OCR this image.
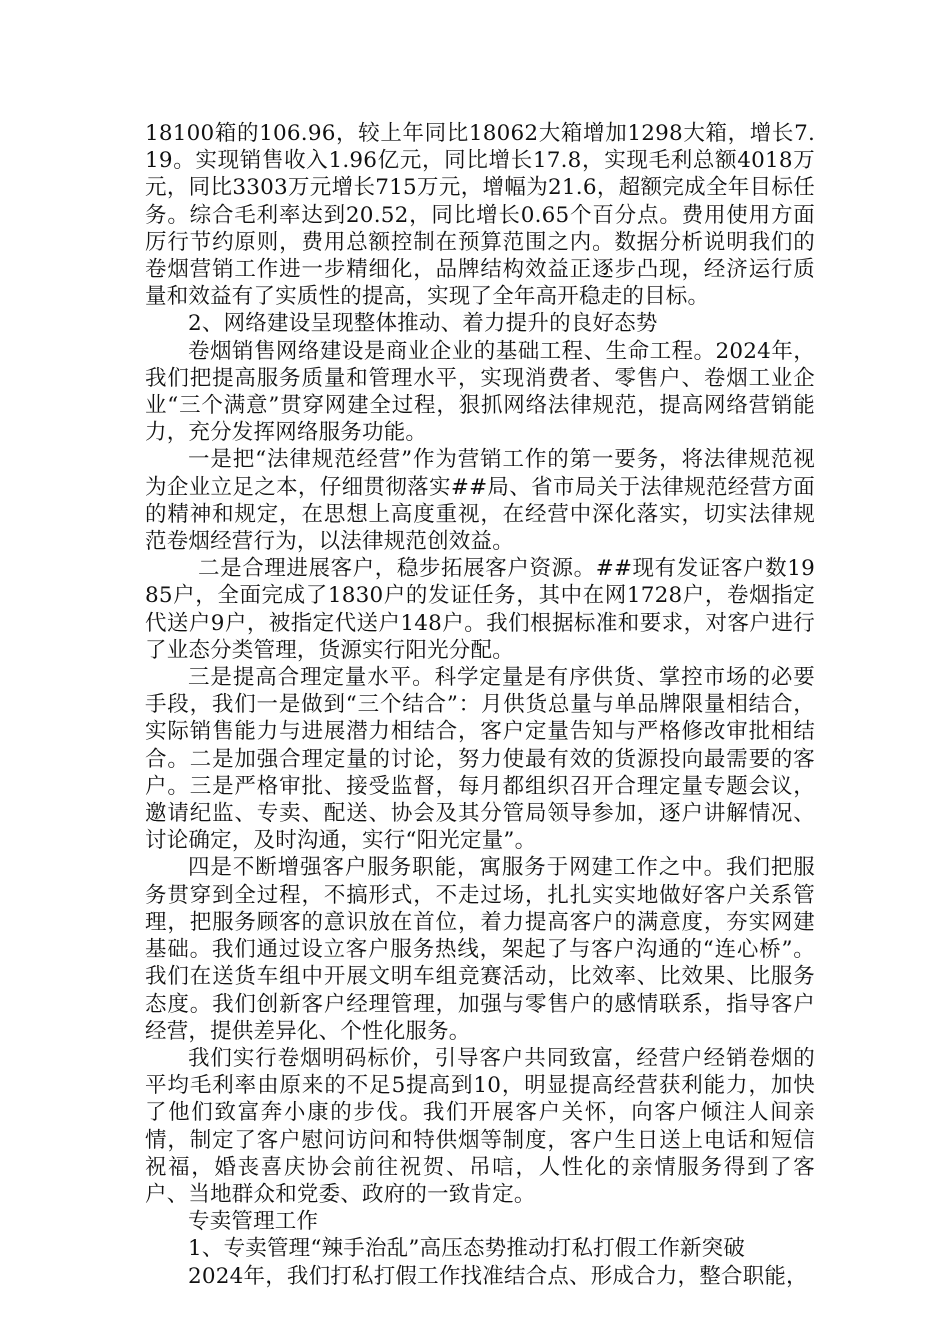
18100箱的106.96，较上年同比18062大箱增加1298大箱，增长7.19。实现销售收入1.96亿元，同比增长17.8，实现毛利总额4018万元，同比3303万元增长715万元，增幅为21.6，超额完成全年目标任务。综合毛利率达到20.52，同比增长0.65个百分点。费用使用方面厉行节约原则，费用总额控制在预算范围之内。数据分析说明我们的卷烟营销工作进一步精细化，品牌结构效益正逐步凸现，经济运行质量和效益有了实质性的提高，实现了全年高开稳走的目标。

2、网络建设呈现整体推动、着力提升的良好态势

卷烟销售网络建设是商业企业的基础工程、生命工程。2024年，我们把提高服务质量和管理水平，实现消费者、零售户、卷烟工业企业“三个满意”贯穿网建全过程，狠抓网络法律规范，提高网络营销能力，充分发挥网络服务功能。

一是把“法律规范经营”作为营销工作的第一要务，将法律规范视为企业立足之本，仔细贯彻落实##局、省市局关于法律规范经营方面的精神和规定，在思想上高度重视，在经营中深化落实，切实法律规范卷烟经营行为，以法律规范创效益。

二是合理进展客户，稳步拓展客户资源。##现有发证客户数1985户，全面完成了1830户的发证任务，其中在网1728户，卷烟指定代送户9户，被指定代送户148户。我们根据标准和要求，对客户进行了业态分类管理，货源实行阳光分配。

三是提高合理定量水平。科学定量是有序供货、掌控市场的必要手段，我们一是做到“三个结合”：月供货总量与单品牌限量相结合，实际销售能力与进展潜力相结合，客户定量告知与严格修改审批相结合。二是加强合理定量的讨论，努力使最有效的货源投向最需要的客户。三是严格审批、接受监督，每月都组织召开合理定量专题会议，邀请纪监、专卖、配送、协会及其分管局领导参加，逐户讲解情况、讨论确定，及时沟通，实行“阳光定量”。

四是不断增强客户服务职能，寓服务于网建工作之中。我们把服务贯穿到全过程，不搞形式，不走过场，扎扎实实地做好客户关系管理，把服务顾客的意识放在首位，着力提高客户的满意度，夯实网建基础。我们通过设立客户服务热线，架起了与客户沟通的“连心桥”。我们在送货车组中开展文明车组竞赛活动，比效率、比效果、比服务态度。我们创新客户经理管理，加强与零售户的感情联系，指导客户经营，提供差异化、个性化服务。

我们实行卷烟明码标价，引导客户共同致富，经营户经销卷烟的平均毛利率由原来的不足5提高到10，明显提高经营获利能力，加快了他们致富奔小康的步伐。我们开展客户关怀，向客户倾注人间亲情，制定了客户慰问访问和特供烟等制度，客户生日送上电话和短信祝福，婚丧喜庆协会前往祝贺、吊唁，人性化的亲情服务得到了客户、当地群众和党委、政府的一致肯定。

专卖管理工作

1、专卖管理“辣手治乱”高压态势推动打私打假工作新突破

2024年，我们打私打假工作找准结合点、形成合力，整合职能，
